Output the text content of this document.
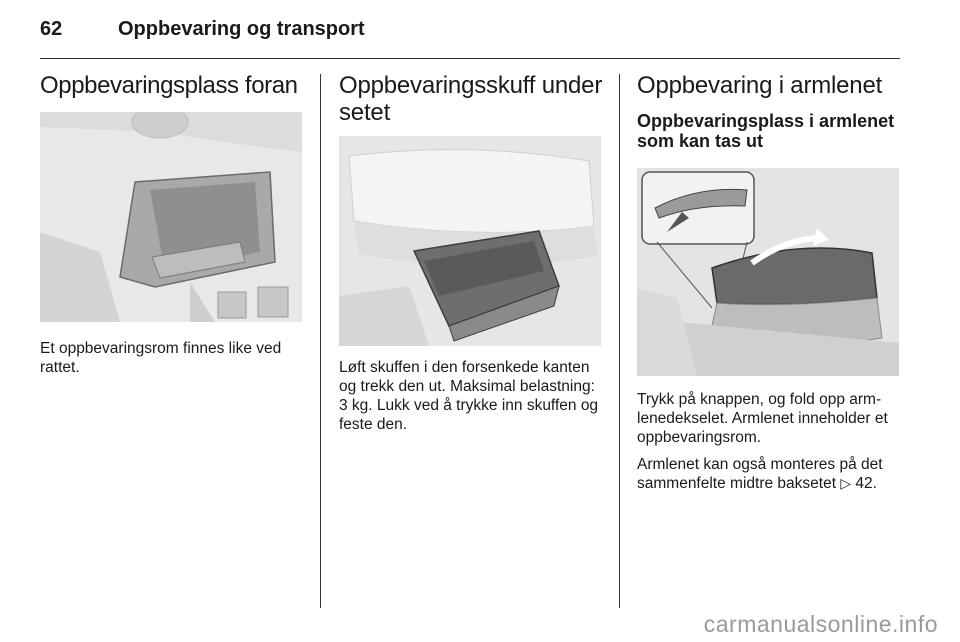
62	Oppbevaring og transport
Oppbevaringsplass foran

Et oppbevaringsrom finnes like ved rattet.

Oppbevaringsskuff under setet

Løft skuffen i den forsenkede kanten og trekk den ut. Maksimal belastning: 3 kg. Lukk ved å trykke inn skuffen og feste den.

Oppbevaring i armlenet
Oppbevaringsplass i armlenet som kan tas ut

Trykk på knappen, og fold opp arm-lenedekselet. Armlenet inneholder et oppbevaringsrom.

Armlenet kan også monteres på det sammenfelte midtre baksetet ▷ 42.

carmanualsonline.info
